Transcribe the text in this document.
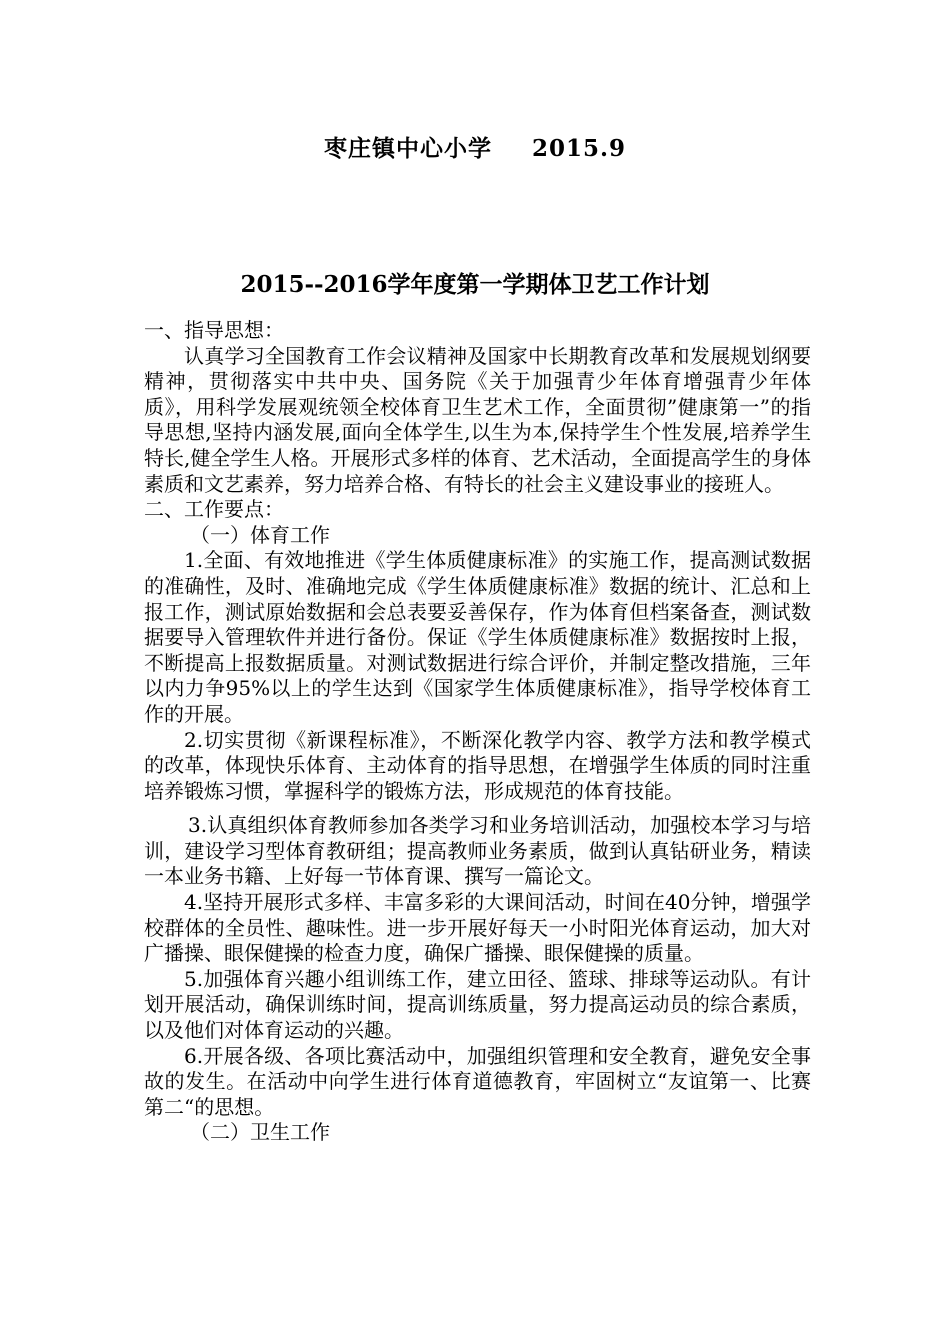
枣庄镇中心小学 2015.9
2015--2016学年度第一学期体卫艺工作计划

一、指导思想：

认真学习全国教育工作会议精神及国家中长期教育改革和发展规划纲要精神，贯彻落实中共中央、国务院《关于加强青少年体育增强青少年体质》，用科学发展观统领全校体育卫生艺术工作，全面贯彻”健康第一”的指导思想,坚持内涵发展,面向全体学生,以生为本,保持学生个性发展,培养学生特长,健全学生人格。开展形式多样的体育、艺术活动，全面提高学生的身体素质和文艺素养，努力培养合格、有特长的社会主义建设事业的接班人。

二、工作要点：

（一）体育工作

1.全面、有效地推进《学生体质健康标准》的实施工作，提高测试数据的准确性，及时、准确地完成《学生体质健康标准》数据的统计、汇总和上报工作，测试原始数据和会总表要妥善保存，作为体育但档案备查，测试数据要导入管理软件并进行备份。保证《学生体质健康标准》数据按时上报，不断提高上报数据质量。对测试数据进行综合评价，并制定整改措施，三年以内力争95%以上的学生达到《国家学生体质健康标准》，指导学校体育工作的开展。

2.切实贯彻《新课程标准》，不断深化教学内容、教学方法和教学模式的改革，体现快乐体育、主动体育的指导思想，在增强学生体质的同时注重培养锻炼习惯，掌握科学的锻炼方法，形成规范的体育技能。

3.认真组织体育教师参加各类学习和业务培训活动，加强校本学习与培训，建设学习型体育教研组；提高教师业务素质，做到认真钻研业务，精读一本业务书籍、上好每一节体育课、撰写一篇论文。

4.坚持开展形式多样、丰富多彩的大课间活动，时间在40分钟，增强学校群体的全员性、趣味性。进一步开展好每天一小时阳光体育运动，加大对广播操、眼保健操的检查力度，确保广播操、眼保健操的质量。

5.加强体育兴趣小组训练工作，建立田径、篮球、排球等运动队。有计划开展活动，确保训练时间，提高训练质量，努力提高运动员的综合素质，以及他们对体育运动的兴趣。

6.开展各级、各项比赛活动中，加强组织管理和安全教育，避免安全事故的发生。在活动中向学生进行体育道德教育，牢固树立“友谊第一、比赛第二“的思想。

（二）卫生工作
